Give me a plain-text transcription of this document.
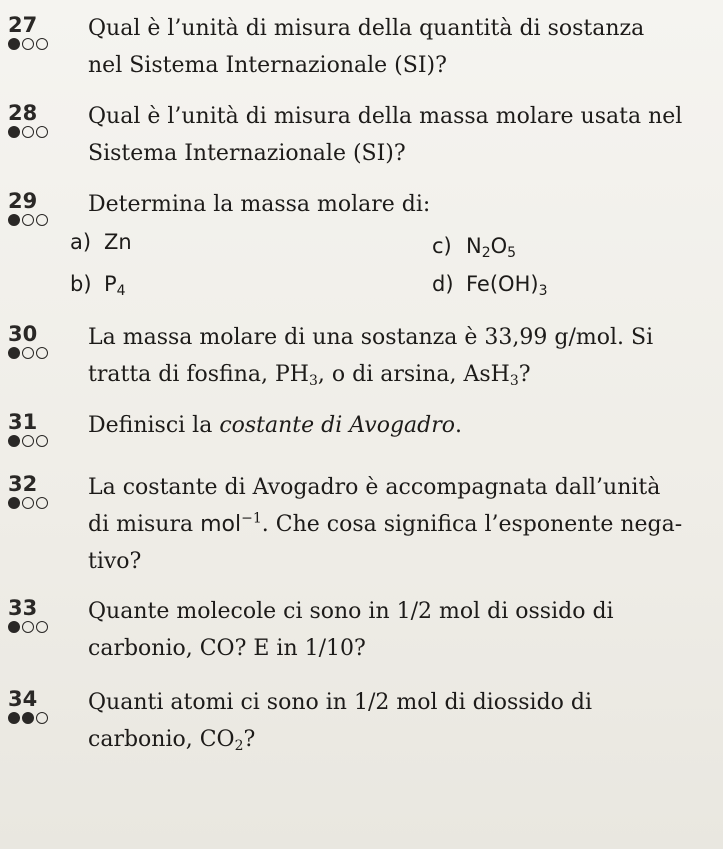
27	Qual è l’unità di misura della quantità di sostanza
nel Sistema Internazionale (SI)?
28	Qual è l’unità di misura della massa molare usata nel
Sistema Internazionale (SI)?
29	Determina la massa molare di:
a) Zn
b) $P_4$
c) $N_2O_5$
d) $Fe(OH)_3$
30	La massa molare di una sostanza è 33,99 g/mol. Si
tratta di fosfina, $PH_3$, o di arsina, AsH$_3$?
31	Definisci la costante di Avogadro.
32	La costante di Avogadro è accompagnata dall’unità
di misura mol$^{-1}$. Che cosa significa l’esponente nega-
tivo?
33	Quante molecole ci sono in 1/2 mol di ossido di
carbonio, CO? E in 1/10?
34	Quanti atomi ci sono in 1/2 mol di diossido di
carbonio, $CO_2$?
